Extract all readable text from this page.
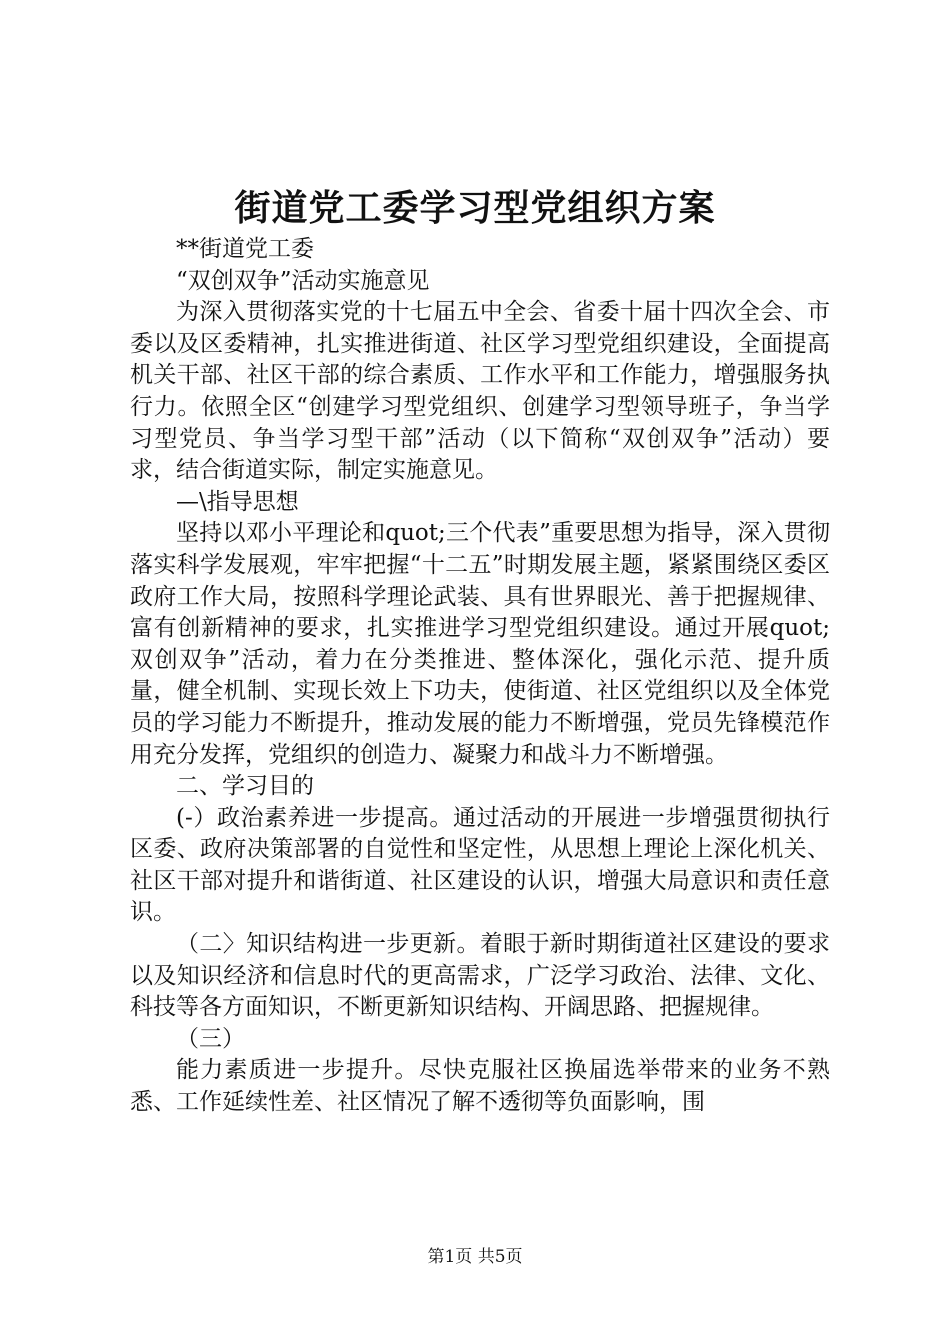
街道党工委学习型党组织方案

**街道党工委

“双创双争”活动实施意见

为深入贯彻落实党的十七届五中全会、省委十届十四次全会、市委以及区委精神，扎实推进街道、社区学习型党组织建设，全面提高机关干部、社区干部的综合素质、工作水平和工作能力，增强服务执行力。依照全区“创建学习型党组织、创建学习型领导班子，争当学习型党员、争当学习型干部”活动（以下简称“双创双争”活动）要求，结合街道实际，制定实施意见。

—\指导思想

坚持以邓小平理论和quot;三个代表”重要思想为指导，深入贯彻落实科学发展观，牢牢把握“十二五”时期发展主题，紧紧围绕区委区政府工作大局，按照科学理论武装、具有世界眼光、善于把握规律、富有创新精神的要求，扎实推进学习型党组织建设。通过开展quot;双创双争”活动，着力在分类推进、整体深化，强化示范、提升质量，健全机制、实现长效上下功夫，使街道、社区党组织以及全体党员的学习能力不断提升，推动发展的能力不断增强，党员先锋模范作用充分发挥，党组织的创造力、凝聚力和战斗力不断增强。

二、学习目的

(-）政治素养进一步提高。通过活动的开展进一步增强贯彻执行区委、政府决策部署的自觉性和坚定性，从思想上理论上深化机关、社区干部对提升和谐街道、社区建设的认识，增强大局意识和责任意识。

（二〉知识结构进一步更新。着眼于新时期街道社区建设的要求以及知识经济和信息时代的更高需求，广泛学习政治、法律、文化、科技等各方面知识，不断更新知识结构、开阔思路、把握规律。

（三）

能力素质进一步提升。尽快克服社区换届选举带来的业务不熟悉、工作延续性差、社区情况了解不透彻等负面影响，围

第1页 共5页
